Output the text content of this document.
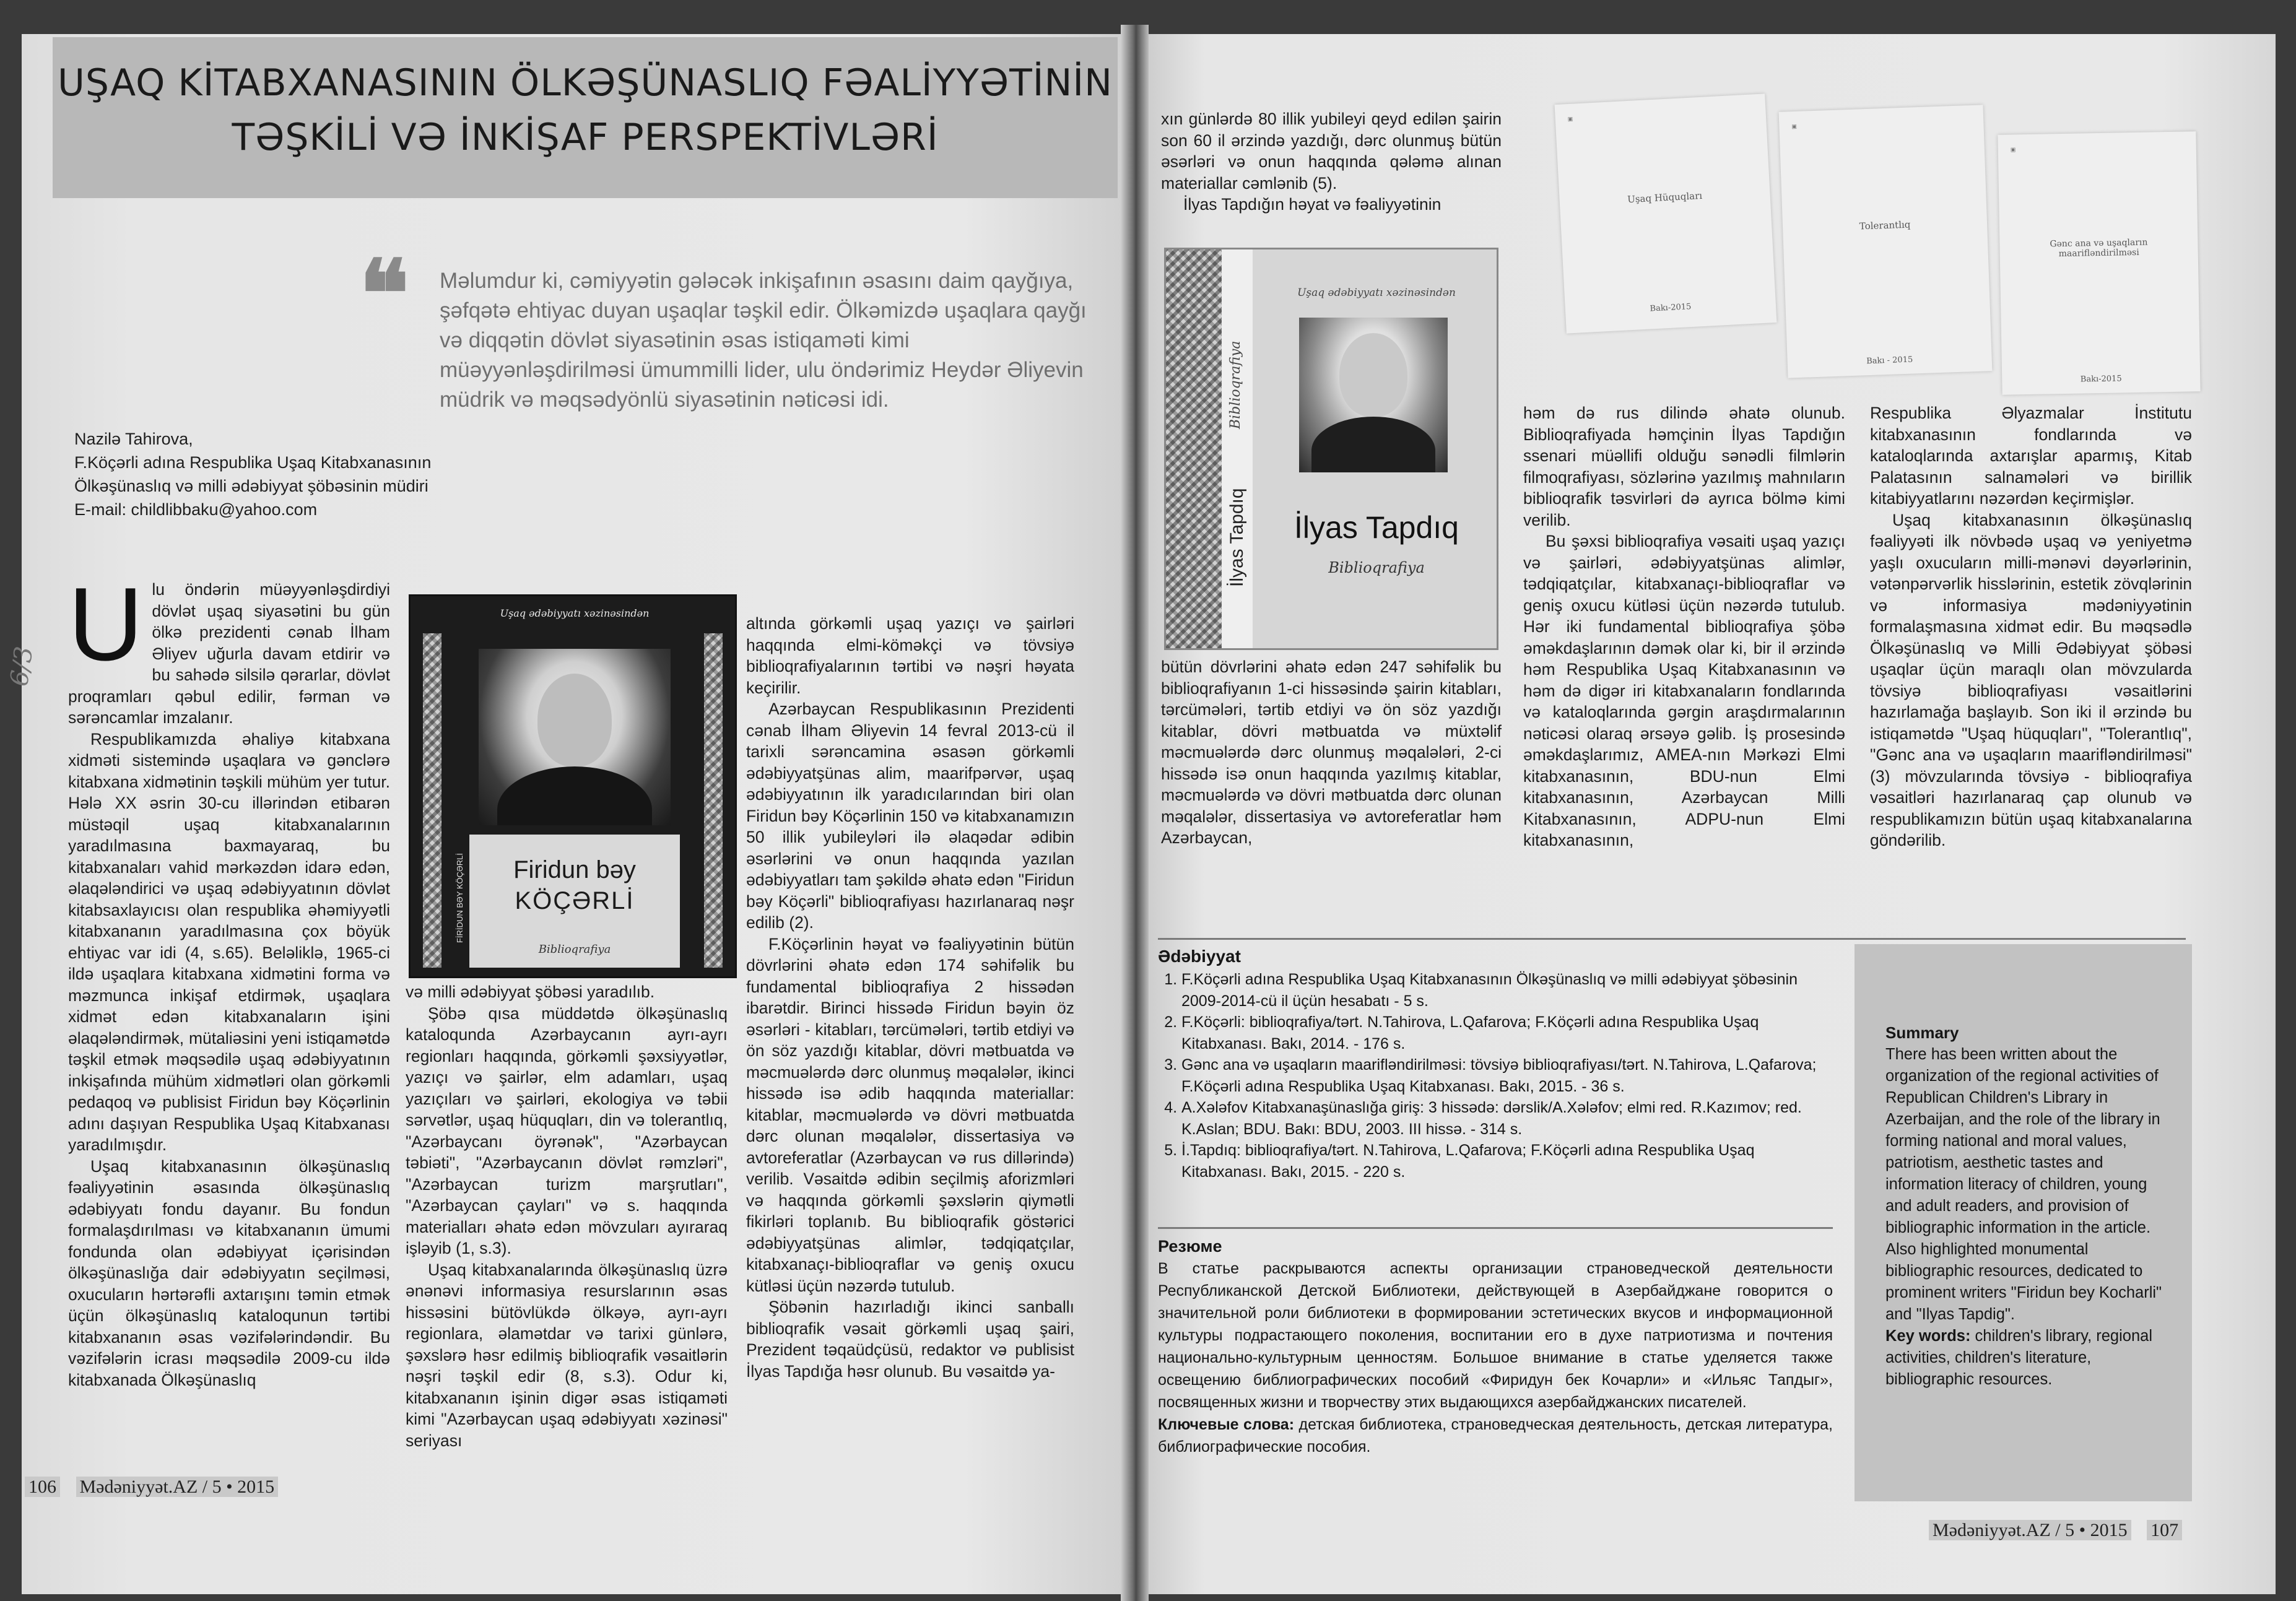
6/3
UŞAQ KİTABXANASININ ÖLKƏŞÜNASLIQ FƏALİYYƏTİNİN
TƏŞKİLİ VƏ İNKİŞAF PERSPEKTİVLƏRİ
❝ Məlumdur ki, cəmiyyətin gələcək inkişafının əsasını daim qayğıya, şəfqətə ehtiyac duyan uşaqlar təşkil edir. Ölkəmizdə uşaqlara qayğı və diqqətin dövlət siyasətinin əsas istiqaməti kimi müəyyənləşdirilməsi ümummilli lider, ulu öndərimiz Heydər Əliyevin müdrik və məqsədyönlü siyasətinin nəticəsi idi.
Nazilə Tahirova,
F.Köçərli adına Respublika Uşaq Kitabxanasının
Ölkəşünaslıq və milli ədəbiyyat şöbəsinin müdiri
E-mail: childlibbaku@yahoo.com
U lu öndərin müəyyənləşdirdiyi dövlət uşaq siyasətini bu gün ölkə prezidenti cənab İlham Əliyev uğurla davam etdirir və bu sahədə silsilə qərarlar, dövlət proqramları qəbul edilir, fərman və sərəncamlar imzalanır.

Respublikamızda əhaliyə kitabxana xidməti sistemində uşaqlara və gənclərə kitabxana xidmətinin təşkili mühüm yer tutur. Hələ XX əsrin 30-cu illərindən etibarən müstəqil uşaq kitabxanalarının yaradılmasına baxmayaraq, bu kitabxanaları vahid mərkəzdən idarə edən, əlaqələndirici və uşaq ədəbiyyatının dövlət kitabsaxlayıcısı olan respublika əhəmiyyətli kitabxananın yaradılmasına çox böyük ehtiyac var idi (4, s.65). Beləliklə, 1965-ci ildə uşaqlara kitabxana xidmətini forma və məzmunca inkişaf etdirmək, uşaqlara xidmət edən kitabxanaların işini əlaqələndirmək, mütaliəsini yeni istiqamətdə təşkil etmək məqsədilə uşaq ədəbiyyatının inkişafında mühüm xidmətləri olan görkəmli pedaqoq və publisist Firidun bəy Köçərlinin adını daşıyan Respublika Uşaq Kitabxanası yaradılmışdır.

Uşaq kitabxanasının ölkəşünaslıq fəaliyyətinin əsasında ölkəşünaslıq ədəbiyyatı fondu dayanır. Bu fondun formalaşdırılması və kitabxananın ümumi fondunda olan ədəbiyyat içərisindən ölkəşünaslığa dair ədəbiyyatın seçilməsi, oxucuların hərtərəfli axtarışını təmin etmək üçün ölkəşünaslıq kataloqunun tərtibi kitabxananın əsas vəzifələrindəndir. Bu vəzifələrin icrası məqsədilə 2009-cu ildə kitabxanada Ölkəşünaslıq

Uşaq ədəbiyyatı xəzinəsindən
FİRİDUN BƏY KÖÇƏRLİ	Firidun bəy
KÖÇƏRLİ
Biblioqrafiya

və milli ədəbiyyat şöbəsi yaradılıb.

Şöbə qısa müddətdə ölkəşünaslıq kataloqunda Azərbaycanın ayrı-ayrı regionları haqqında, görkəmli şəxsiyyətlər, yazıçı və şairlər, elm adamları, uşaq yazıçıları və şairləri, ekologiya və təbii sərvətlər, uşaq hüquqları, din və tolerantlıq, "Azərbaycanı öyrənək", "Azərbaycan təbiəti", "Azərbaycanın dövlət rəmzləri", "Azərbaycan turizm marşrutları", "Azərbaycan çayları" və s. haqqında materialları əhatə edən mövzuları ayıraraq işləyib (1, s.3).

Uşaq kitabxanalarında ölkəşünaslıq üzrə ənənəvi informasiya resurslarının əsas hissəsini bütövlükdə ölkəyə, ayrı-ayrı regionlara, əlamətdar və tarixi günlərə, şəxslərə həsr edilmiş biblioqrafik vəsaitlərin nəşri təşkil edir (8, s.3). Odur ki, kitabxananın işinin digər əsas istiqaməti kimi "Azərbaycan uşaq ədəbiyyatı xəzinəsi" seriyası

altında görkəmli uşaq yazıçı və şairləri haqqında elmi-köməkçi və tövsiyə biblioqrafiyalarının tərtibi və nəşri həyata keçirilir.

Azərbaycan Respublikasının Prezidenti cənab İlham Əliyevin 14 fevral 2013-cü il tarixli sərəncamina əsasən görkəmli ədəbiyyatşünas alim, maarifpərvər, uşaq ədəbiyyatının ilk yaradıcılarından biri olan Firidun bəy Köçərlinin 150 və kitabxanamızın 50 illik yubileyləri ilə əlaqədar ədibin əsərlərini və onun haqqında yazılan ədəbiyyatları tam şəkildə əhatə edən "Firidun bəy Köçərli" biblioqrafiyası hazırlanaraq nəşr edilib (2).

F.Köçərlinin həyat və fəaliyyətinin bütün dövrlərini əhatə edən 174 səhifəlik bu fundamental biblioqrafiya 2 hissədən ibarətdir. Birinci hissədə Firidun bəyin öz əsərləri - kitabları, tərcümələri, tərtib etdiyi və ön söz yazdığı kitablar, dövri mətbuatda və məcmuələrdə dərc olunmuş məqalələr, ikinci hissədə isə ədib haqqında materiallar: kitablar, məcmuələrdə və dövri mətbuatda dərc olunan məqalələr, dissertasiya və avtoreferatlar (Azərbaycan və rus dillərində) verilib. Vəsaitdə ədibin seçilmiş aforizmləri və haqqında görkəmli şəxslərin qiymətli fikirləri toplanıb. Bu biblioqrafik göstərici ədəbiyyatşünas alimlər, tədqiqatçılar, kitabxanaçı-biblioqraflar və geniş oxucu kütləsi üçün nəzərdə tutulub.

Şöbənin hazırladığı ikinci sanballı biblioqrafik vəsait görkəmli uşaq şairi, Prezident təqaüdçüsü, redaktor və publisist İlyas Tapdığa həsr olunub. Bu vəsaitdə ya-

106 Mədəniyyət.AZ / 5 • 2015

xın günlərdə 80 illik yubileyi qeyd edilən şairin son 60 il ərzində yazdığı, dərc olunmuş bütün əsərləri və onun haqqında qələmə alınan materiallar cəmlənib (5).

İlyas Tapdığın həyat və fəaliyyətinin

İlyas Tapdıq
Biblioqrafiya
Uşaq ədəbiyyatı xəzinəsindən
İlyas Tapdıq
Biblioqrafiya

bütün dövrlərini əhatə edən 247 səhifəlik bu biblioqrafiyanın 1-ci hissəsində şairin kitabları, tərcümələri, tərtib etdiyi və ön söz yazdığı kitablar, dövri mətbuatda və müxtəlif məcmuələrdə dərc olunmuş məqalələri, 2-ci hissədə isə onun haqqında yazılmış kitablar, məcmuələrdə və dövri mətbuatda dərc olunan məqalələr, dissertasiya və avtoreferatlar həm Azərbaycan,

▣
Uşaq Hüquqları
Bakı-2015
▣
Tolerantlıq
Bakı - 2015
▣
Gənc ana və uşaqların maarifləndirilməsi
Bakı-2015

həm də rus dilində əhatə olunub. Biblioqrafiyada həmçinin İlyas Tapdığın ssenari müəllifi olduğu sənədli filmlərin filmoqrafiyası, sözlərinə yazılmış mahnıların biblioqrafik təsvirləri də ayrıca bölmə kimi verilib.

Bu şəxsi biblioqrafiya vəsaiti uşaq yazıçı və şairləri, ədəbiyyatşünas alimlər, tədqiqatçılar, kitabxanaçı-biblioqraflar və geniş oxucu kütləsi üçün nəzərdə tutulub. Hər iki fundamental biblioqrafiya şöbə əməkdaşlarının dəmək olar ki, bir il ərzində həm Respublika Uşaq Kitabxanasının və həm də digər iri kitabxanaların fondlarında və kataloqlarında gərgin araşdırmalarının nəticəsi olaraq ərsəyə gəlib. İş prosesində əməkdaşlarımız, AMEA-nın Mərkəzi Elmi kitabxanasının, BDU-nun Elmi kitabxanasının, Azərbaycan Milli Kitabxanasının, ADPU-nun Elmi kitabxanasının,

Respublika Əlyazmalar İnstitutu kitabxanasının fondlarında və kataloqlarında axtarışlar aparmış, Kitab Palatasının salnamələri və birillik kitabiyyatlarını nəzərdən keçirmişlər.

Uşaq kitabxanasının ölkəşünaslıq fəaliyyəti ilk növbədə uşaq və yeniyetmə yaşlı oxucuların milli-mənəvi dəyərlərinin, vətənpərvərlik hisslərinin, estetik zövqlərinin və informasiya mədəniyyətinin formalaşmasına xidmət edir. Bu məqsədlə Ölkəşünaslıq və Milli Ədəbiyyat şöbəsi uşaqlar üçün maraqlı olan mövzularda tövsiyə biblioqrafiyası vəsaitlərini hazırlamağa başlayıb. Son iki il ərzində bu istiqamətdə "Uşaq hüquqları", "Tolerantlıq", "Gənc ana və uşaqların maarifləndirilməsi" (3) mövzularında tövsiyə - biblioqrafiya vəsaitləri hazırlanaraq çap olunub və respublikamızın bütün uşaq kitabxanalarına göndərilib.

Ədəbiyyat
1. F.Köçərli adına Respublika Uşaq Kitabxanasının Ölkəşünaslıq və milli ədəbiyyat şöbəsinin 2009-2014-cü il üçün hesabatı - 5 s.
2. F.Köçərli: biblioqrafiya/tərt. N.Tahirova, L.Qafarova; F.Köçərli adına Respublika Uşaq Kitabxanası. Bakı, 2014. - 176 s.
3. Gənc ana və uşaqların maarifləndirilməsi: tövsiyə biblioqrafiyası/tərt. N.Tahirova, L.Qafarova; F.Köçərli adına Respublika Uşaq Kitabxanası. Bakı, 2015. - 36 s.
4. A.Xələfov Kitabxanaşünaslığa giriş: 3 hissədə: dərslik/A.Xələfov; elmi red. R.Kazımov; red. K.Aslan; BDU. Bakı: BDU, 2003. III hissə. - 314 s.
5. İ.Tapdıq: biblioqrafiya/tərt. N.Tahirova, L.Qafarova; F.Köçərli adına Respublika Uşaq Kitabxanası. Bakı, 2015. - 220 s.
Резюме

В статье раскрываются аспекты организации страноведческой деятельности Республиканской Детской Библиотеки, действующей в Азербайджане говорится о значительной роли библиотеки в формировании эстетических вкусов и информационной культуры подрастающего поколения, воспитании его в духе патриотизма и почтения национально-культурным ценностям. Большое внимание в статье уделяется также освещению библиографических пособий «Фиридун бек Кочарли» и «Ильяс Тапдыг», посвященных жизни и творчеству этих выдающихся азербайджанских писателей.

Ключевые слова: детская библиотека, страноведческая деятельность, детская литература, библиографические пособия.

Summary

There has been written about the organization of the regional activities of Republican Children's Library in Azerbaijan, and the role of the library in forming national and moral values, patriotism, aesthetic tastes and information literacy of children, young and adult readers, and provision of bibliographic information in the article. Also highlighted monumental bibliographic resources, dedicated to prominent writers "Firidun bey Kocharli" and "Ilyas Tapdig".

Key words: children's library, regional activities, children's literature, bibliographic resources.

Mədəniyyət.AZ / 5 • 2015 107
